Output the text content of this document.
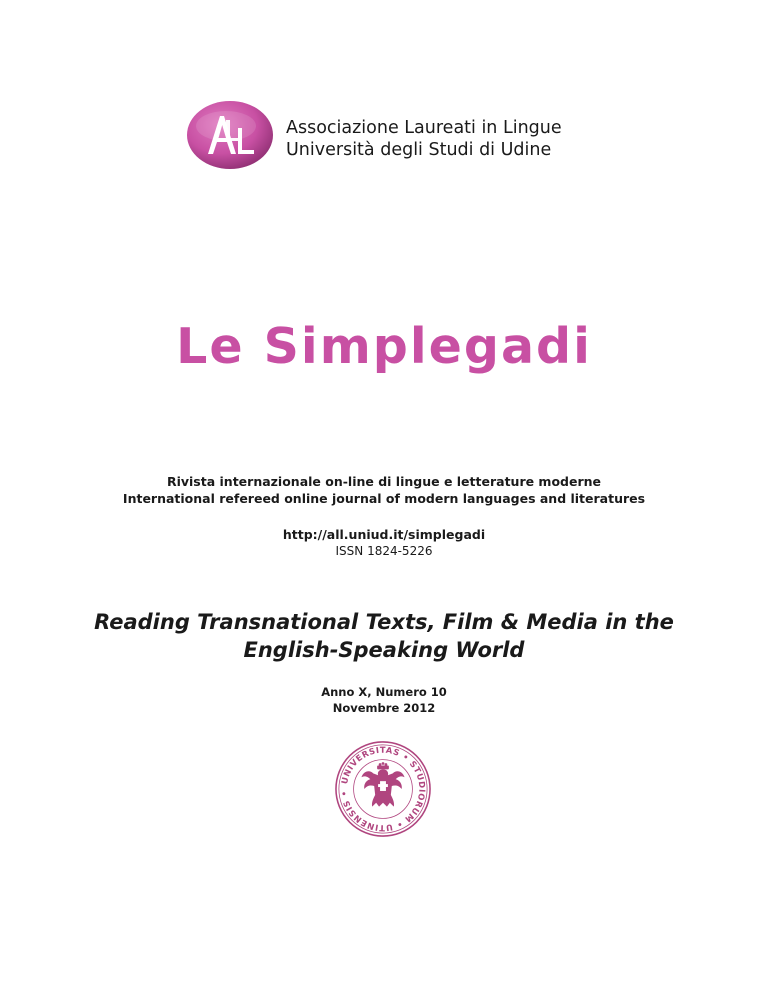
Associazione Laureati in Lingue
Università degli Studi di Udine
Le Simplegadi

Rivista internazionale on-line di lingue e letterature moderne

International refereed online journal of modern languages and literatures

http://all.uniud.it/simplegadi
ISSN 1824-5226
Reading Transnational Texts, Film & Media in the
English-Speaking World
Anno X, Numero 10
Novembre 2012
UNIVERSITAS • STUDIORUM • UTINENSIS •
